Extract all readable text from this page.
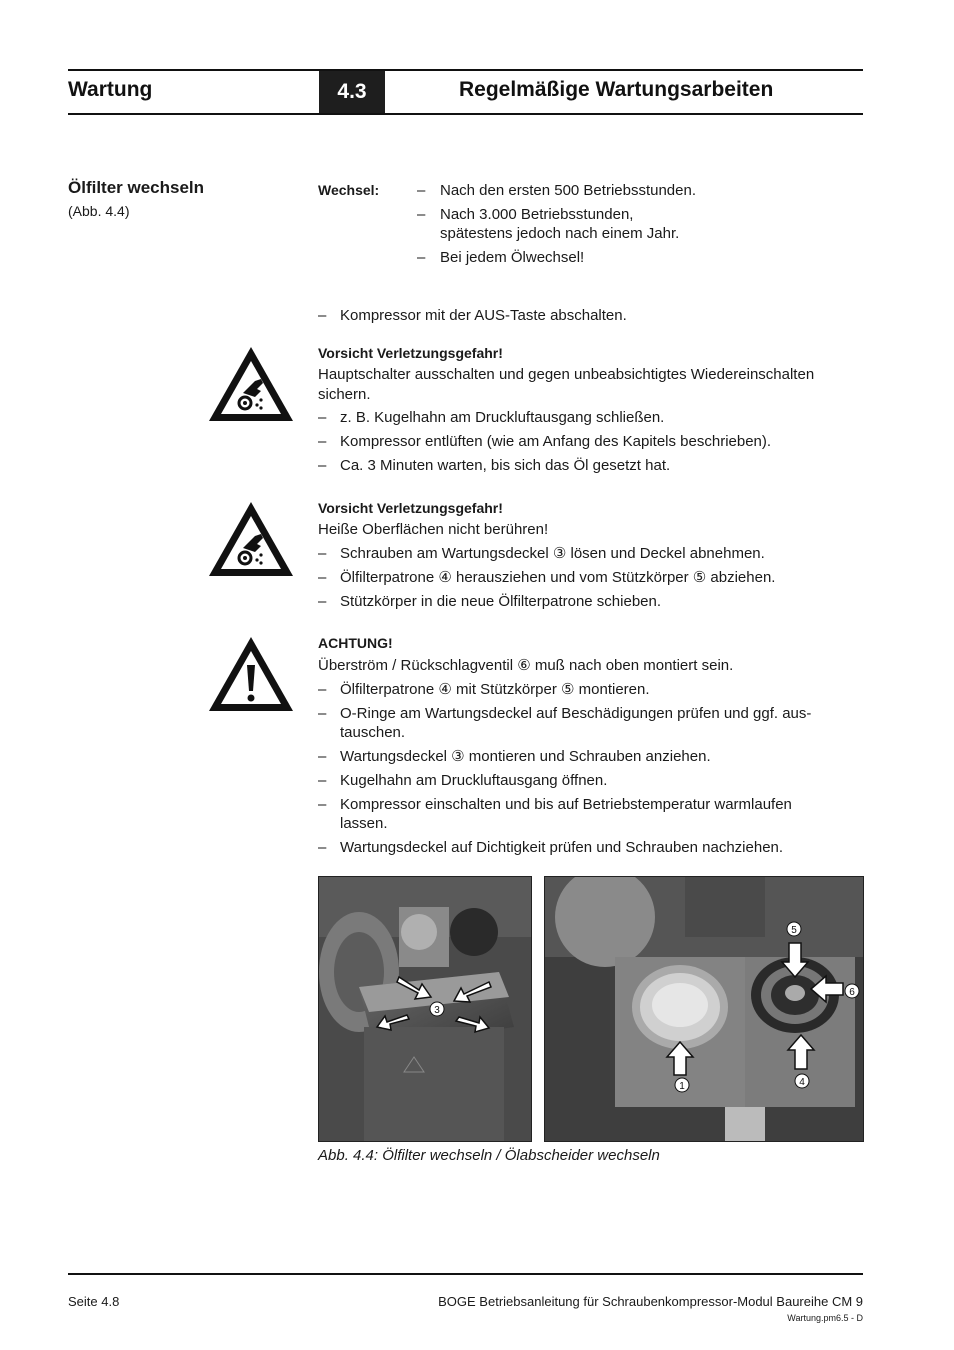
Wartung	4.3	Regelmäßige Wartungsarbeiten
Ölfilter wechseln
(Abb. 4.4)
Wechsel:	– Nach den ersten 500 Betriebsstunden.
– Nach 3.000 Betriebsstunden,
spätestens jedoch nach einem Jahr.
– Bei jedem Ölwechsel!
– Kompressor mit der AUS-Taste abschalten.
Vorsicht Verletzungsgefahr!
Hauptschalter ausschalten und gegen unbeabsichtigtes Wiedereinschalten
sichern.
– z. B. Kugelhahn am Druckluftausgang schließen.
– Kompressor entlüften (wie am Anfang des Kapitels beschrieben).
– Ca. 3 Minuten warten, bis sich das Öl gesetzt hat.
Vorsicht Verletzungsgefahr!
Heiße Oberflächen nicht berühren!
– Schrauben am Wartungsdeckel ③ lösen und Deckel abnehmen.
– Ölfilterpatrone ④ herausziehen und vom Stützkörper ⑤ abziehen.
– Stützkörper in die neue Ölfilterpatrone schieben.
ACHTUNG!
Überström / Rückschlagventil ⑥ muß nach oben montiert sein.
– Ölfilterpatrone ④ mit Stützkörper ⑤ montieren.
– O-Ringe am Wartungsdeckel auf Beschädigungen prüfen und ggf. aus-
tauschen.
– Wartungsdeckel ③ montieren und Schrauben anziehen.
– Kugelhahn am Druckluftausgang öffnen.
– Kompressor einschalten und bis auf Betriebstemperatur warmlaufen
lassen.
– Wartungsdeckel auf Dichtigkeit prüfen und Schrauben nachziehen.
3
1	4
5
6
Abb. 4.4: Ölfilter wechseln / Ölabscheider wechseln
Seite 4.8	BOGE Betriebsanleitung für Schraubenkompressor-Modul Baureihe CM 9
Wartung.pm6.5 - D
